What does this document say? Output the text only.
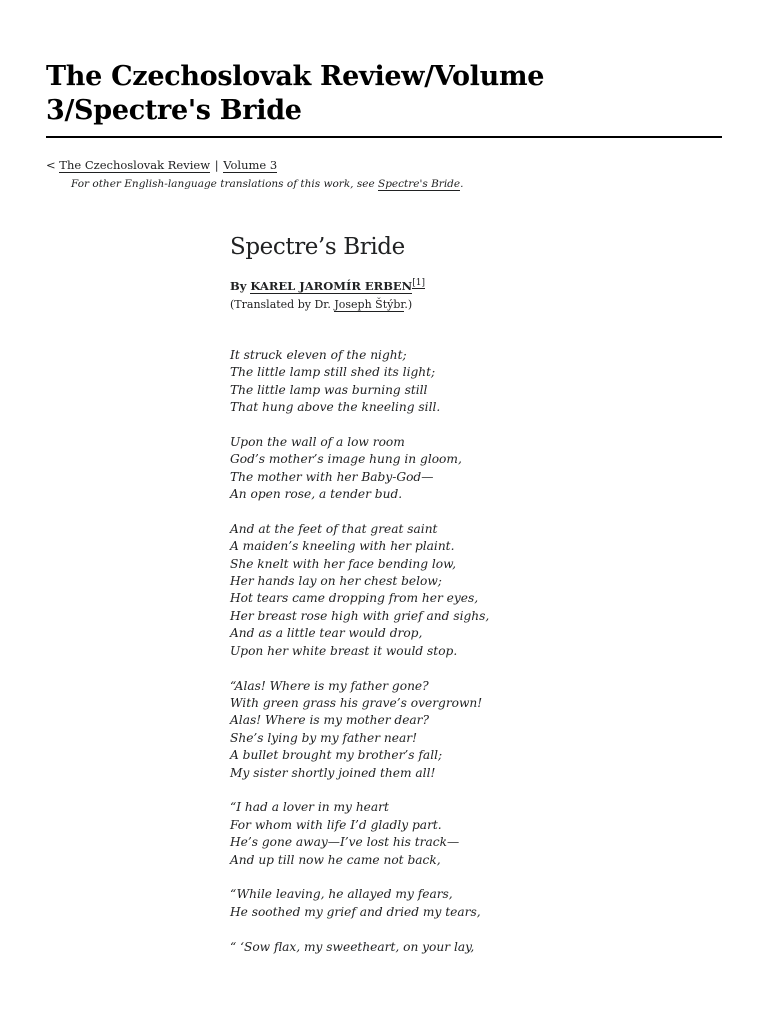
The Czechoslovak Review/Volume 3/Spectre's Bride
< The Czechoslovak Review | Volume 3
For other English-language translations of this work, see Spectre's Bride.
Spectre’s Bride
By KAREL JAROMÍR ERBEN[1]
(Translated by Dr. Joseph Štýbr.)
It struck eleven of the night;
The little lamp still shed its light;
The little lamp was burning still
That hung above the kneeling sill.
Upon the wall of a low room
God’s mother’s image hung in gloom,
The mother with her Baby-God—
An open rose, a tender bud.
And at the feet of that great saint
A maiden’s kneeling with her plaint.
She knelt with her face bending low,
Her hands lay on her chest below;
Hot tears came dropping from her eyes,
Her breast rose high with grief and sighs,
And as a little tear would drop,
Upon her white breast it would stop.
“Alas! Where is my father gone?
With green grass his grave’s overgrown!
Alas! Where is my mother dear?
She’s lying by my father near!
A bullet brought my brother’s fall;
My sister shortly joined them all!
“I had a lover in my heart
For whom with life I’d gladly part.
He’s gone away—I’ve lost his track—
And up till now he came not back,
“While leaving, he allayed my fears,
He soothed my grief and dried my tears,
“ ‘Sow flax, my sweetheart, on your lay,
